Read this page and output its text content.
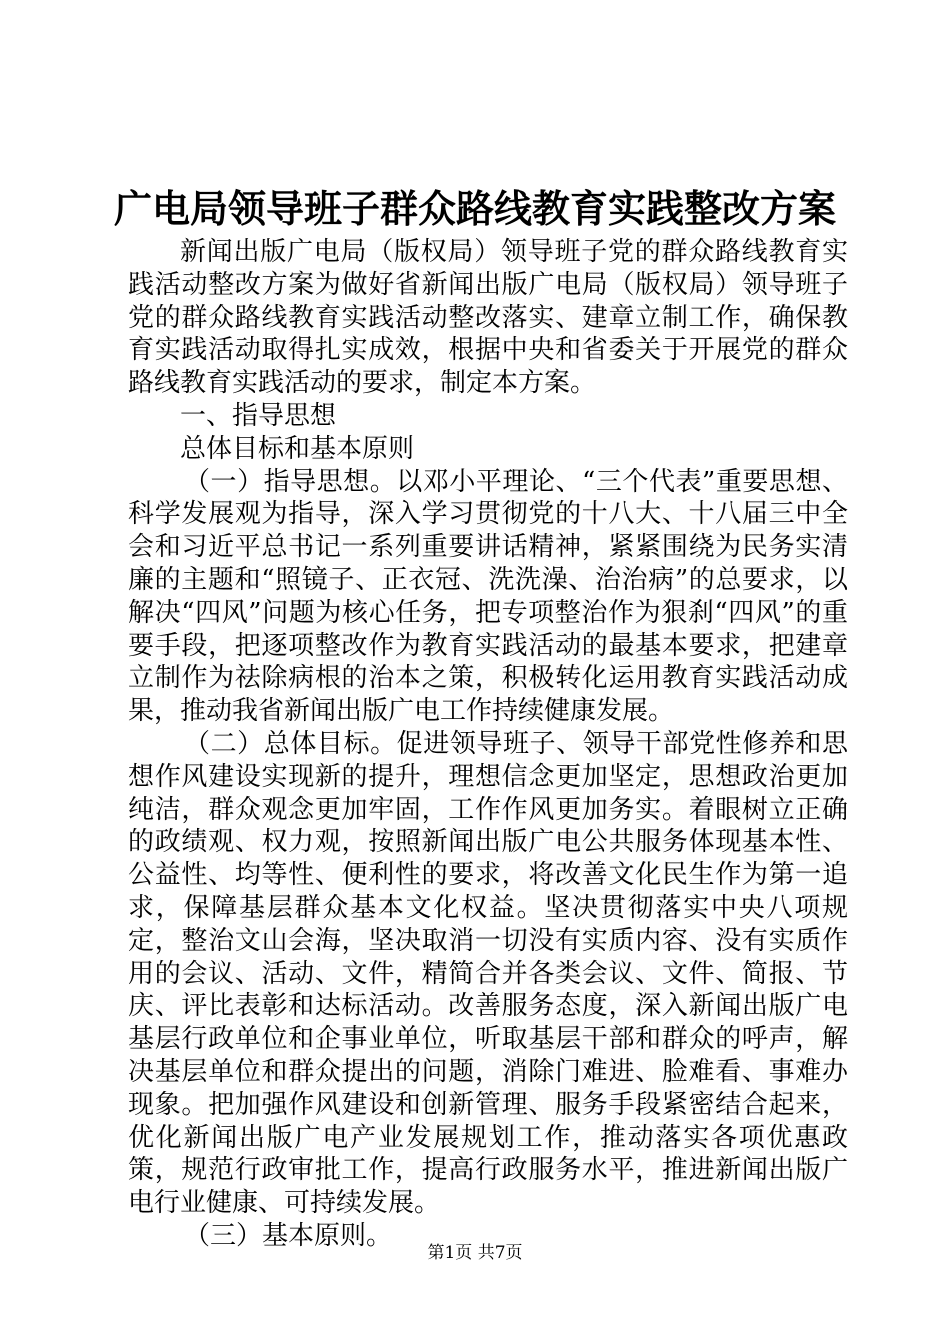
广电局领导班子群众路线教育实践整改方案

新闻出版广电局（版权局）领导班子党的群众路线教育实践活动整改方案为做好省新闻出版广电局（版权局）领导班子党的群众路线教育实践活动整改落实、建章立制工作，确保教育实践活动取得扎实成效，根据中央和省委关于开展党的群众路线教育实践活动的要求，制定本方案。

一、指导思想

总体目标和基本原则

（一）指导思想。以邓小平理论、“三个代表”重要思想、科学发展观为指导，深入学习贯彻党的十八大、十八届三中全会和习近平总书记一系列重要讲话精神，紧紧围绕为民务实清廉的主题和“照镜子、正衣冠、洗洗澡、治治病”的总要求，以解决“四风”问题为核心任务，把专项整治作为狠刹“四风”的重要手段，把逐项整改作为教育实践活动的最基本要求，把建章立制作为祛除病根的治本之策，积极转化运用教育实践活动成果，推动我省新闻出版广电工作持续健康发展。

（二）总体目标。促进领导班子、领导干部党性修养和思想作风建设实现新的提升，理想信念更加坚定，思想政治更加纯洁，群众观念更加牢固，工作作风更加务实。着眼树立正确的政绩观、权力观，按照新闻出版广电公共服务体现基本性、公益性、均等性、便利性的要求，将改善文化民生作为第一追求，保障基层群众基本文化权益。坚决贯彻落实中央八项规定，整治文山会海，坚决取消一切没有实质内容、没有实质作用的会议、活动、文件，精简合并各类会议、文件、简报、节庆、评比表彰和达标活动。改善服务态度，深入新闻出版广电基层行政单位和企事业单位，听取基层干部和群众的呼声，解决基层单位和群众提出的问题，消除门难进、脸难看、事难办现象。把加强作风建设和创新管理、服务手段紧密结合起来，优化新闻出版广电产业发展规划工作，推动落实各项优惠政策，规范行政审批工作，提高行政服务水平，推进新闻出版广电行业健康、可持续发展。

（三）基本原则。

第1页 共7页
